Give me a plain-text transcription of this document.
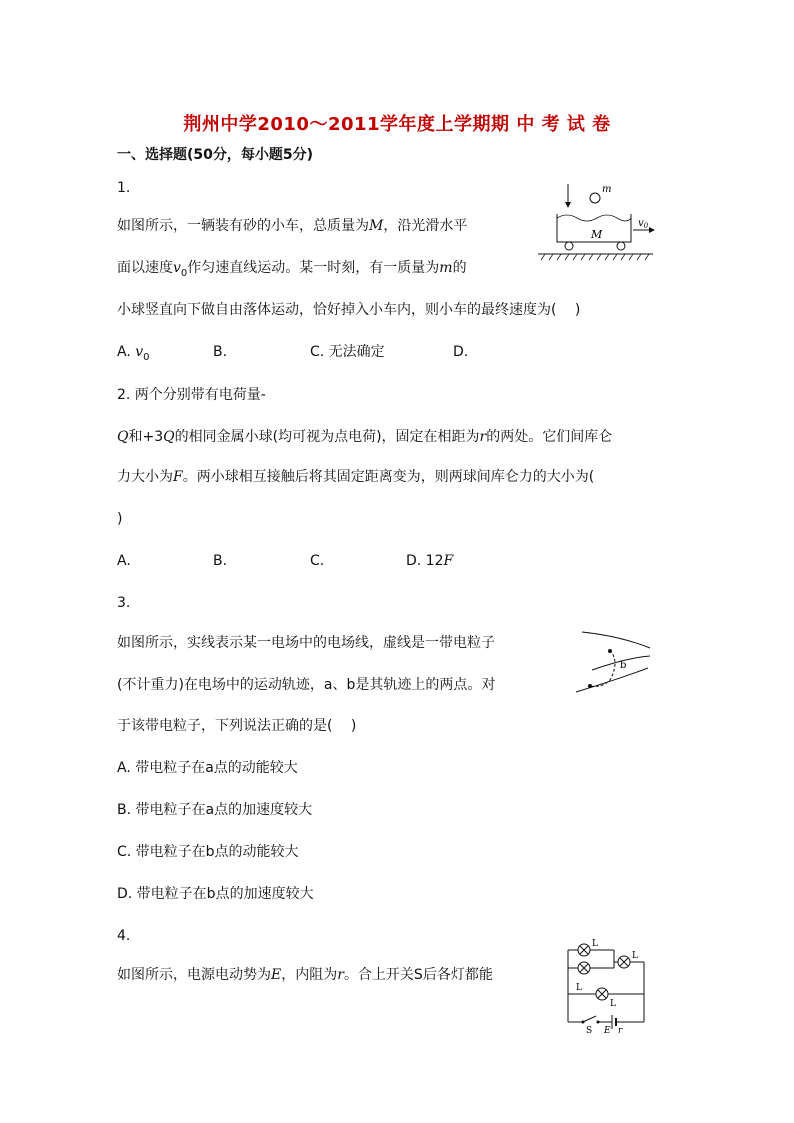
荆州中学2010～2011学年度上学期期 中 考 试 卷
一、选择题(50分，每小题5分)
1.
如图所示，一辆装有砂的小车，总质量为M，沿光滑水平
面以速度$v_0$作匀速直线运动。某一时刻，有一质量为m的
小球竖直向下做自由落体运动，恰好掉入小车内，则小车的最终速度为(　 )
A. $v_0$	B.	C. 无法确定	D.
m
M
$v_0$
2. 两个分别带有电荷量-
Q和+3Q的相同金属小球(均可视为点电荷)，固定在相距为r的两处。它们间库仑
力大小为F。两小球相互接触后将其固定距离变为，则两球间库仑力的大小为(
)
A.	B.	C.	D. 12F
3.
如图所示，实线表示某一电场中的电场线，虚线是一带电粒子
(不计重力)在电场中的运动轨迹，a、b是其轨迹上的两点。对
于该带电粒子，下列说法正确的是(　 )
A. 带电粒子在a点的动能较大
B. 带电粒子在a点的加速度较大
C. 带电粒子在b点的动能较大
D. 带电粒子在b点的加速度较大
b
4.
如图所示，电源电动势为E，内阻为r。合上开关S后各灯都能
L
L
L
L
S E r
